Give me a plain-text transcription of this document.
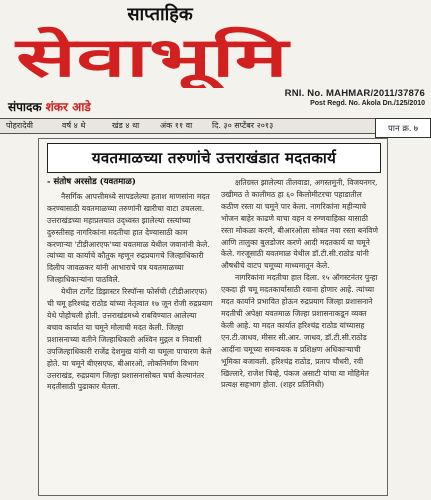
साप्ताहिक
सेवाभूमि
संपादक शंकर आडे
RNI. No. MAHMAR/2011/37876
Post Regd. No. Akola Dn./125/2010
पोहरादेवी	वर्ष ४ थे	खंड ४ था	अंक ११ वा दि. ३० सप्टेंबर २०१३	पान क्र. ७
यवतमाळच्या तरुणांचे उत्तराखंडात मदतकार्य
- संतोष अरसोड (यवतमाळ)

नैसर्गिक आपत्तीमध्ये सापडलेल्या हताश माणसांना मदत करण्यासाठी यवतमाळच्या तरुणांनी खारीचा वाटा उचलला. उत्तराखंडच्या महाप्रलयात उद्ध्वस्त झालेल्या रस्त्यांच्या दुरुस्तीसह नागरिकांना मदतीचा हात देण्यासाठी काम करणाऱ्या 'टीडीआरएफ'च्या यवतमाळ येथील जवानांनी केले. त्यांच्या या कार्याचे कौतुक म्हणून रुद्रप्रयागचे जिल्हाधिकारी दिलीप जावळकर यांनी आभाराचे पत्र यवतमाळच्या जिल्हाधिकाऱ्यांना पाठविले.

येथील टार्गेट डिझास्टर रिस्पॉन्स फोर्सची (टीडीआरएफ) ची चमू हरिश्चंद्र राठोड यांच्या नेतृत्वात १७ जून रोजी रुद्रप्रयाग येथे पोहोचली होती. उत्तराखंडमध्ये राबविण्यात आलेल्या बचाव कार्यात या चमूने मोलाची मदत केली. जिल्हा प्रशासनाच्या वतीने जिल्हाधिकारी अश्विन मुद्गल व निवासी उपजिल्हाधिकारी राजेंद्र देशमुख यांनी या चमूला पाचारण केले होते. या चमूने बीएसएफ, बीआरओ, लोकनिर्माण विभाग उत्तराखंड, रुद्रप्रयाग जिल्हा प्रशासनासोबत चर्चा केल्यानंतर मदतीसाठी पुढाकार घेतला.

क्षतिग्रस्त झालेल्या तीलवाडा, अगस्तमुनी, विजयनगर, उखीमठ ते कालीमठ हा ६० किलोमीटरचा पहाडातील कठीण रस्ता या चमूने पार केला. नागरिकांना महीन्याचे भोजन बाहेर काढणे याचा वहन व रुग्णवाहिका यासाठी रस्ता मोकळा करणे, बीआरओला सोबत नवा रस्ता बनविणे आणि तालुका बुलडोजर करणे आदी मदतकार्य या चमूने केले. गरजूसाठी यवतमाळ येथील डॉ.टी.सी.राठोड यांनी औषधीचे वाटप चमूच्या माध्यमातून केले.

नागरिकांना मदतीचा हात दिला. १५ ऑगस्टनंतर पुन्हा एकदा ही चमू मदतकार्यासाठी रवाना होणार आहे. त्यांच्या मदत कार्याने प्रभावित होऊन रुद्रप्रयाग जिल्हा प्रशासनाने मदतीची अपेक्षा यवतमाळ जिल्हा प्रशासनाकडून व्यक्त केली आहे. या मदत कार्यात हरिश्चंद्र राठोड यांच्यासह एन.टी.जाधव, मीसर सी.आर. जाधव, डॉ.टी.सी.राठोड आदींना चमूच्या समन्वयक व प्रशिक्षण अधिकाऱ्याची भूमिका बजावली. हरिश्चंद्र राठोड, प्रताप चौधरी, रवी खिल्लारे, राजेश चिव्हे, पंकज असाटी यांचा या मोहिमेत प्रत्यक्ष सहभाग होता. (शहर प्रतिनिधी)
